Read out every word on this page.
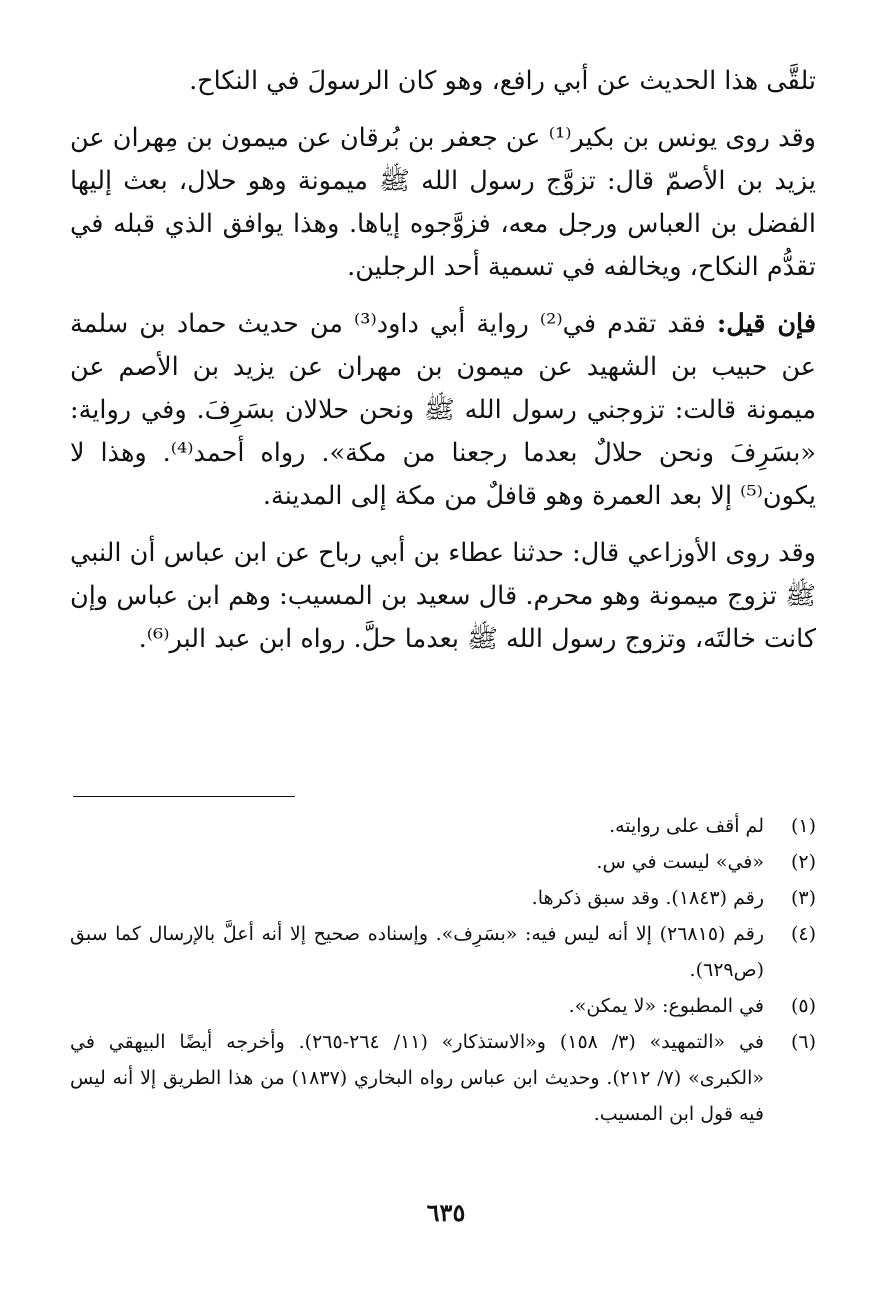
تلقَّى هذا الحديث عن أبي رافع، وهو كان الرسولَ في النكاح.

وقد روى يونس بن بكير⁽¹⁾ عن جعفر بن بُرقان عن ميمون بن مِهران عن يزيد بن الأصمّ قال: تزوَّج رسول الله ﷺ ميمونة وهو حلال، بعث إليها الفضل بن العباس ورجل معه، فزوَّجوه إياها. وهذا يوافق الذي قبله في تقدُّم النكاح، ويخالفه في تسمية أحد الرجلين.

فإن قيل: فقد تقدم في⁽²⁾ رواية أبي داود⁽³⁾ من حديث حماد بن سلمة عن حبيب بن الشهيد عن ميمون بن مهران عن يزيد بن الأصم عن ميمونة قالت: تزوجني رسول الله ﷺ ونحن حلالان بسَرِفَ. وفي رواية: «بسَرِفَ ونحن حلالٌ بعدما رجعنا من مكة». رواه أحمد⁽⁴⁾. وهذا لا يكون⁽⁵⁾ إلا بعد العمرة وهو قافلٌ من مكة إلى المدينة.

وقد روى الأوزاعي قال: حدثنا عطاء بن أبي رباح عن ابن عباس أن النبي ﷺ تزوج ميمونة وهو محرم. قال سعيد بن المسيب: وهم ابن عباس وإن كانت خالتَه، وتزوج رسول الله ﷺ بعدما حلَّ. رواه ابن عبد البر⁽⁶⁾.

(١)
لم أقف على روايته.
(٢)
«في» ليست في س.
(٣)
رقم (١٨٤٣). وقد سبق ذكرها.
(٤)
رقم (٢٦٨١٥) إلا أنه ليس فيه: «بسَرِف». وإسناده صحيح إلا أنه أعلَّ بالإرسال كما سبق (ص٦٢٩).
(٥)
في المطبوع: «لا يمكن».
(٦)
في «التمهيد» (٣/ ١٥٨) و«الاستذكار» (١١/ ٢٦٤-٢٦٥). وأخرجه أيضًا البيهقي في «الكبرى» (٧/ ٢١٢). وحديث ابن عباس رواه البخاري (١٨٣٧) من هذا الطريق إلا أنه ليس فيه قول ابن المسيب.
٦٣٥
